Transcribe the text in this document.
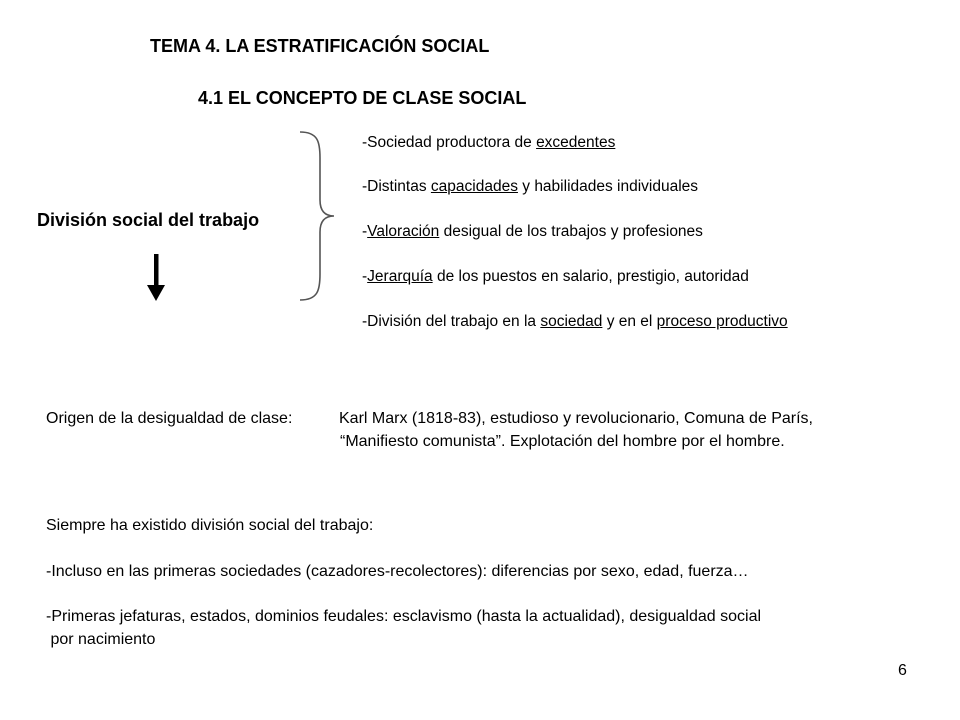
TEMA 4. LA ESTRATIFICACIÓN SOCIAL
4.1 EL CONCEPTO DE CLASE SOCIAL
División social del trabajo
-Sociedad productora de excedentes
-Distintas capacidades y habilidades individuales
-Valoración desigual de los trabajos y profesiones
-Jerarquía de los puestos en salario, prestigio, autoridad
-División del trabajo en la sociedad y en el proceso productivo
Origen de la desigualdad de clase:	Karl Marx (1818-83), estudioso y revolucionario, Comuna de París,
“Manifiesto comunista”. Explotación del hombre por el hombre.
Siempre ha existido división social del trabajo:
-Incluso en las primeras sociedades (cazadores-recolectores): diferencias por sexo, edad, fuerza…
-Primeras jefaturas, estados, dominios feudales: esclavismo (hasta la actualidad), desigualdad social
por nacimiento
6
